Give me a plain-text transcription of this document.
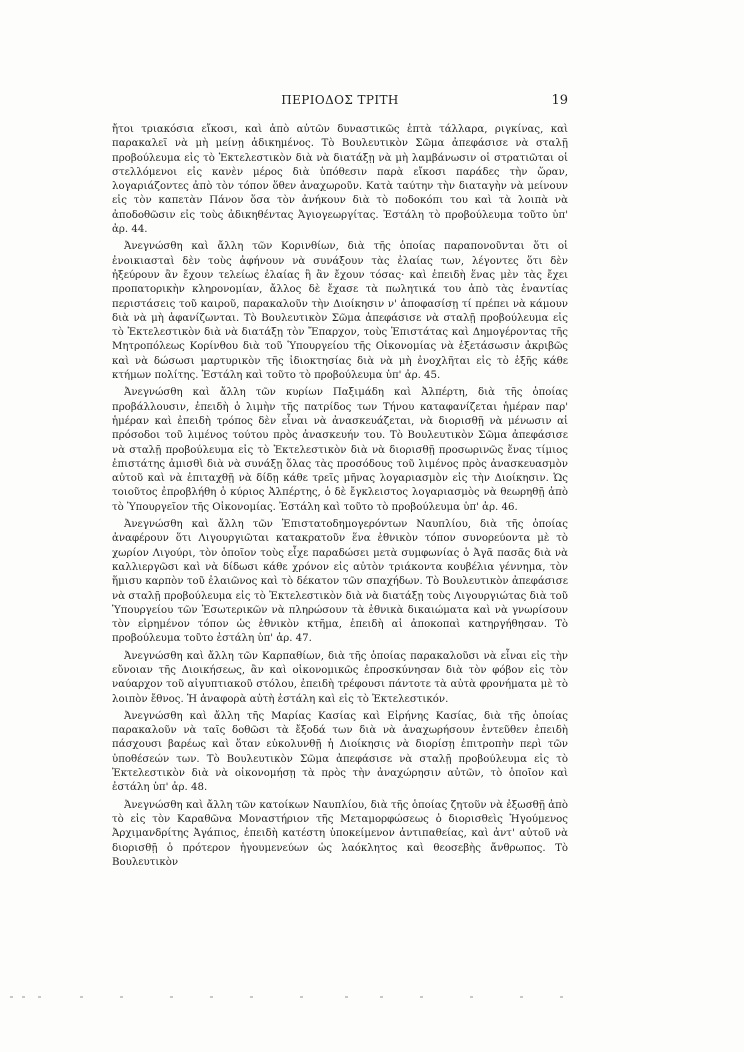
ΠΕΡΙΟΔΟΣ ΤΡΙΤΗ	19

ἤτοι τριακόσια εἴκοσι, καὶ ἀπὸ αὐτῶν δυναστικῶς ἑπτὰ τάλλαρα, ριγκίνας, καὶ παρακαλεῖ νὰ μὴ μείνῃ ἀδικημένος. Τὸ Βουλευτικὸν Σῶμα ἀπεφάσισε νὰ σταλῇ προβούλευμα εἰς τὸ Ἐκτελεστικὸν διὰ νὰ διατάξῃ νὰ μὴ λαμβάνωσιν οἱ στρατιῶται οἱ στελλόμενοι εἰς κανὲν μέρος διὰ ὑπόθεσιν παρὰ εἴκοσι παράδες τὴν ὥραν, λογαριάζοντες ἀπὸ τὸν τόπον ὅθεν ἀναχωροῦν. Κατὰ ταύτην τὴν διαταγὴν νὰ μείνουν εἰς τὸν καπετὰν Πάνον ὅσα τὸν ἀνήκουν διὰ τὸ ποδοκόπι του καὶ τὰ λοιπὰ νὰ ἀποδοθῶσιν εἰς τοὺς ἀδικηθέντας Ἀγιογεωργίτας. Ἐστάλη τὸ προβούλευμα τοῦτο ὑπ' ἀρ. 44.

Ἀνεγνώσθη καὶ ἄλλη τῶν Κορινθίων, διὰ τῆς ὁποίας παραπονοῦνται ὅτι οἱ ἐνοικιασταὶ δὲν τοὺς ἀφήνουν νὰ συνάξουν τὰς ἐλαίας των, λέγοντες ὅτι δὲν ἠξεύρουν ἂν ἔχουν τελείως ἐλαίας ἢ ἂν ἔχουν τόσας· καὶ ἐπειδὴ ἕνας μὲν τὰς ἔχει προπατορικὴν κληρονομίαν, ἄλλος δὲ ἔχασε τὰ πωλητικά του ἀπὸ τὰς ἐναντίας περιστάσεις τοῦ καιροῦ, παρακαλοῦν τὴν Διοίκησιν ν' ἀποφασίσῃ τί πρέπει νὰ κάμουν διὰ νὰ μὴ ἀφανίζωνται. Τὸ Βουλευτικὸν Σῶμα ἀπεφάσισε νὰ σταλῇ προβούλευμα εἰς τὸ Ἐκτελεστικὸν διὰ νὰ διατάξῃ τὸν Ἔπαρχον, τοὺς Ἐπιστάτας καὶ Δημογέροντας τῆς Μητροπόλεως Κορίνθου διὰ τοῦ Ὑπουργείου τῆς Οἰκονομίας νὰ ἐξετάσωσιν ἀκριβῶς καὶ νὰ δώσωσι μαρτυρικὸν τῆς ἰδιοκτησίας διὰ νὰ μὴ ἐνοχλῆται εἰς τὸ ἑξῆς κάθε κτήμων πολίτης. Ἐστάλη καὶ τοῦτο τὸ προβούλευμα ὑπ' ἀρ. 45.

Ἀνεγνώσθη καὶ ἄλλη τῶν κυρίων Παξιμάδη καὶ Ἀλπέρτη, διὰ τῆς ὁποίας προβάλλουσιν, ἐπειδὴ ὁ λιμὴν τῆς πατρίδος των Τήνου καταφανίζεται ἡμέραν παρ' ἡμέραν καὶ ἐπειδὴ τρόπος δὲν εἶναι νὰ ἀνασκευάζεται, νὰ διορισθῇ νὰ μένωσιν αἱ πρόσοδοι τοῦ λιμένος τούτου πρὸς ἀνασκευήν του. Τὸ Βουλευτικὸν Σῶμα ἀπεφάσισε νὰ σταλῇ προβούλευμα εἰς τὸ Ἐκτελεστικὸν διὰ νὰ διορισθῇ προσωρινῶς ἕνας τίμιος ἐπιστάτης ἀμισθὶ διὰ νὰ συνάξῃ ὅλας τὰς προσόδους τοῦ λιμένος πρὸς ἀνασκευασμὸν αὐτοῦ καὶ νὰ ἐπιταχθῇ νὰ δίδῃ κάθε τρεῖς μῆνας λογαριασμὸν εἰς τὴν Διοίκησιν. Ὡς τοιοῦτος ἐπροβλήθη ὁ κύριος Ἀλπέρτης, ὁ δὲ ἔγκλειστος λογαριασμὸς νὰ θεωρηθῇ ἀπὸ τὸ Ὑπουργεῖον τῆς Οἰκονομίας. Ἐστάλη καὶ τοῦτο τὸ προβούλευμα ὑπ' ἀρ. 46.

Ἀνεγνώσθη καὶ ἄλλη τῶν Ἐπιστατοδημογερόντων Ναυπλίου, διὰ τῆς ὁποίας ἀναφέρουν ὅτι Λιγουργιῶται κατακρατοῦν ἕνα ἐθνικὸν τόπον συνορεύοντα μὲ τὸ χωρίον Λιγούρι, τὸν ὁποῖον τοὺς εἶχε παραδώσει μετὰ συμφωνίας ὁ Ἀγᾶ πασᾶς διὰ νὰ καλλιεργῶσι καὶ νὰ δίδωσι κάθε χρόνον εἰς αὐτὸν τριάκοντα κουβέλια γέννημα, τὸν ἥμισυ καρπὸν τοῦ ἐλαιῶνος καὶ τὸ δέκατον τῶν σπαχήδων. Τὸ Βουλευτικὸν ἀπεφάσισε νὰ σταλῇ προβούλευμα εἰς τὸ Ἐκτελεστικὸν διὰ νὰ διατάξῃ τοὺς Λιγουργιώτας διὰ τοῦ Ὑπουργείου τῶν Ἐσωτερικῶν νὰ πληρώσουν τὰ ἐθνικὰ δικαιώματα καὶ νὰ γνωρίσουν τὸν εἰρημένον τόπον ὡς ἐθνικὸν κτῆμα, ἐπειδὴ αἱ ἀποκοπαὶ κατηργήθησαν. Τὸ προβούλευμα τοῦτο ἐστάλη ὑπ' ἀρ. 47.

Ἀνεγνώσθη καὶ ἄλλη τῶν Καρπαθίων, διὰ τῆς ὁποίας παρακαλοῦσι νὰ εἶναι εἰς τὴν εὔνοιαν τῆς Διοικήσεως, ἂν καὶ οἰκονομικῶς ἐπροσκύνησαν διὰ τὸν φόβον εἰς τὸν ναύαρχον τοῦ αἰγυπτιακοῦ στόλου, ἐπειδὴ τρέφουσι πάντοτε τὰ αὐτὰ φρονήματα μὲ τὸ λοιπὸν ἔθνος. Ἡ ἀναφορὰ αὐτὴ ἐστάλη καὶ εἰς τὸ Ἐκτελεστικόν.

Ἀνεγνώσθη καὶ ἄλλη τῆς Μαρίας Κασίας καὶ Εἰρήνης Κασίας, διὰ τῆς ὁποίας παρακαλοῦν νὰ ταῖς δοθῶσι τὰ ἔξοδά των διὰ νὰ ἀναχωρήσουν ἐντεῦθεν ἐπειδὴ πάσχουσι βαρέως καὶ ὅταν εὐκολυνθῇ ἡ Διοίκησις νὰ διορίσῃ ἐπιτροπὴν περὶ τῶν ὑποθέσεών των. Τὸ Βουλευτικὸν Σῶμα ἀπεφάσισε νὰ σταλῇ προβούλευμα εἰς τὸ Ἐκτελεστικὸν διὰ νὰ οἰκονομήσῃ τὰ πρὸς τὴν ἀναχώρησιν αὐτῶν, τὸ ὁποῖον καὶ ἐστάλη ὑπ' ἀρ. 48.

Ἀνεγνώσθη καὶ ἄλλη τῶν κατοίκων Ναυπλίου, διὰ τῆς ὁποίας ζητοῦν νὰ ἐξωσθῇ ἀπὸ τὸ εἰς τὸν Καραθῶνα Μοναστήριον τῆς Μεταμορφώσεως ὁ διορισθεὶς Ἡγούμενος Ἀρχιμανδρίτης Ἀγάπιος, ἐπειδὴ κατέστη ὑποκείμενον ἀντιπαθείας, καὶ ἀντ' αὐτοῦ νὰ διορισθῇ ὁ πρότερον ἡγουμενεύων ὡς λαόκλητος καὶ θεοσεβὴς ἄνθρωπος. Τὸ Βουλευτικὸν
